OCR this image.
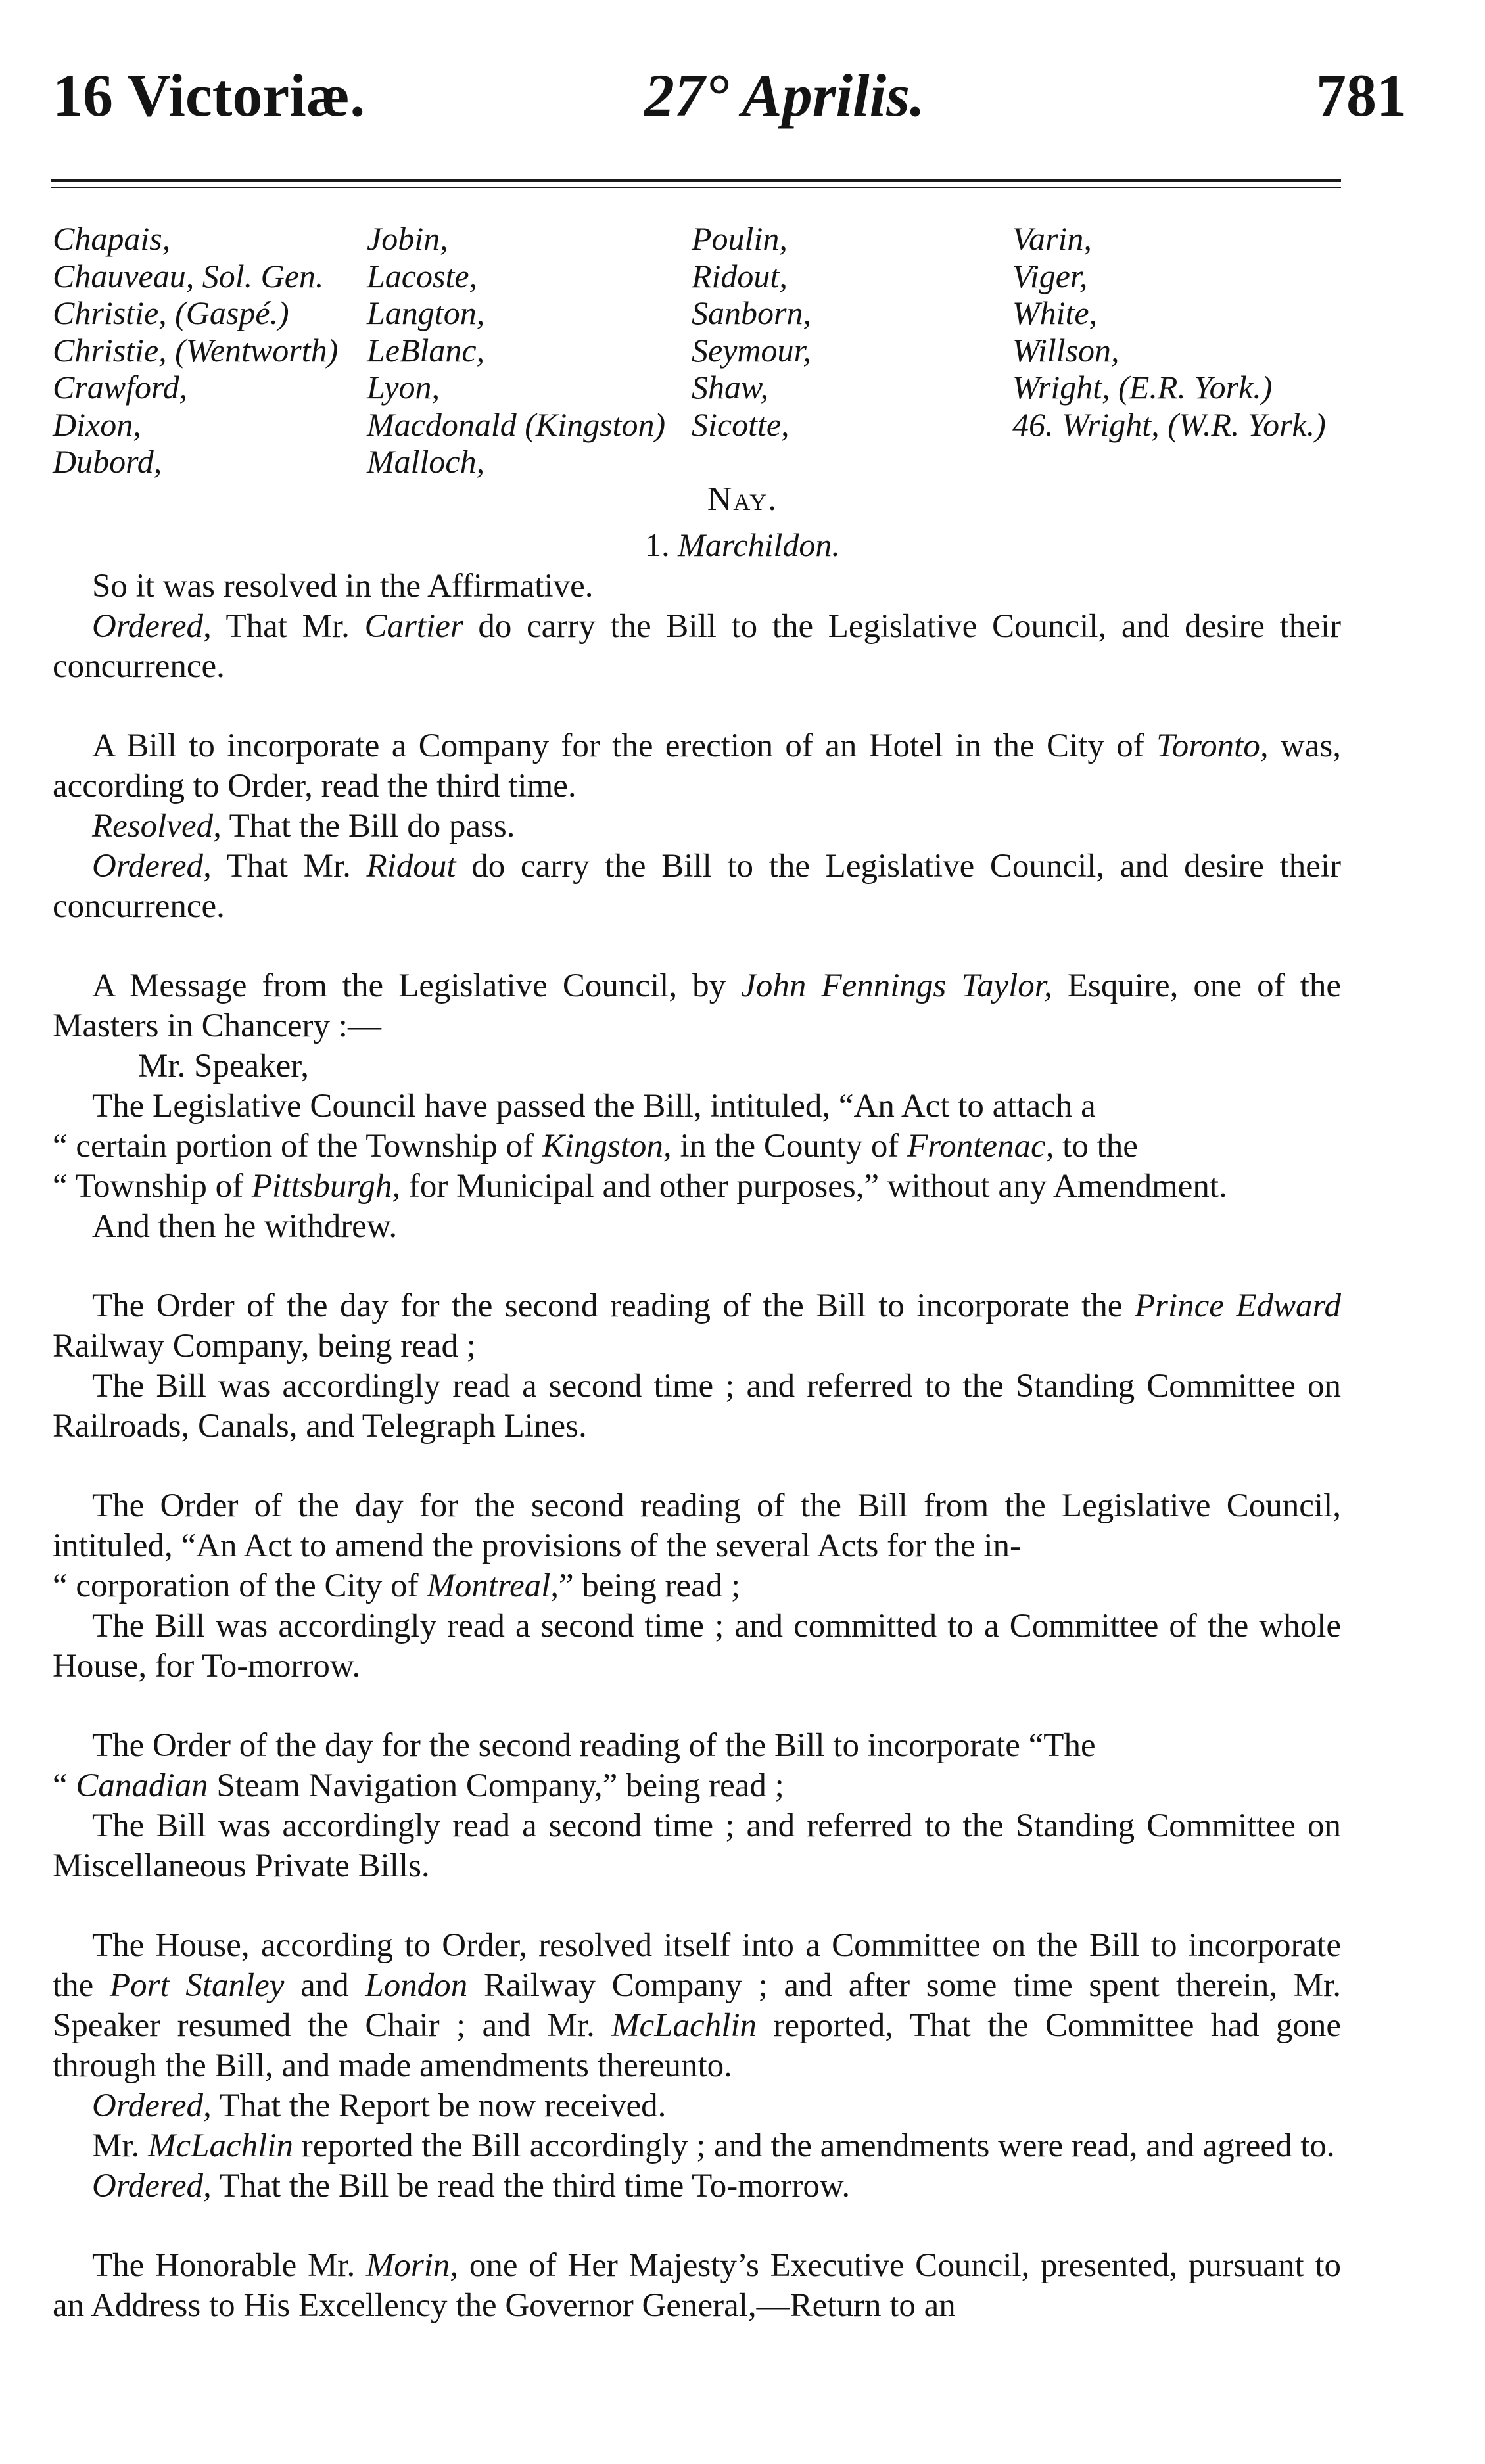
16 Victoriæ.	27° Aprilis.	781
Chapais,
Chauveau, Sol. Gen.
Christie, (Gaspé.)
Christie, (Wentworth)
Crawford,
Dixon,
Dubord,
Jobin,
Lacoste,
Langton,
LeBlanc,
Lyon,
Macdonald (Kingston)
Malloch,
Poulin,
Ridout,
Sanborn,
Seymour,
Shaw,
Sicotte,
Varin,
Viger,
White,
Willson,
Wright, (E.R. York.)
46. Wright, (W.R. York.)
Nay.
1. Marchildon.

So it was resolved in the Affirmative.

Ordered, That Mr. Cartier do carry the Bill to the Legislative Council, and desire their concurrence.

A Bill to incorporate a Company for the erection of an Hotel in the City of Toronto, was, according to Order, read the third time.

Resolved, That the Bill do pass.

Ordered, That Mr. Ridout do carry the Bill to the Legislative Council, and desire their concurrence.

A Message from the Legislative Council, by John Fennings Taylor, Esquire, one of the Masters in Chancery :—

Mr. Speaker,

The Legislative Council have passed the Bill, intituled, “An Act to attach a

“ certain portion of the Township of Kingston, in the County of Frontenac, to the

“ Township of Pittsburgh, for Municipal and other purposes,” without any Amendment.

And then he withdrew.

The Order of the day for the second reading of the Bill to incorporate the Prince Edward Railway Company, being read ;

The Bill was accordingly read a second time ; and referred to the Standing Committee on Railroads, Canals, and Telegraph Lines.

The Order of the day for the second reading of the Bill from the Legislative Council, intituled, “An Act to amend the provisions of the several Acts for the in-

“ corporation of the City of Montreal,” being read ;

The Bill was accordingly read a second time ; and committed to a Committee of the whole House, for To-morrow.

The Order of the day for the second reading of the Bill to incorporate “The

“ Canadian Steam Navigation Company,” being read ;

The Bill was accordingly read a second time ; and referred to the Standing Committee on Miscellaneous Private Bills.

The House, according to Order, resolved itself into a Committee on the Bill to incorporate the Port Stanley and London Railway Company ; and after some time spent therein, Mr. Speaker resumed the Chair ; and Mr. McLachlin reported, That the Committee had gone through the Bill, and made amendments thereunto.

Ordered, That the Report be now received.

Mr. McLachlin reported the Bill accordingly ; and the amendments were read, and agreed to.

Ordered, That the Bill be read the third time To-morrow.

The Honorable Mr. Morin, one of Her Majesty’s Executive Council, presented, pursuant to an Address to His Excellency the Governor General,—Return to an
